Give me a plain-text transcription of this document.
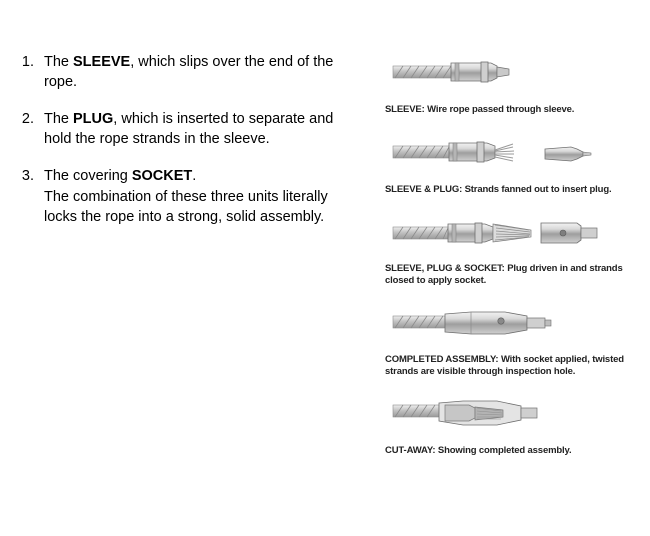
1. The SLEEVE, which slips over the end of the rope.
2. The PLUG, which is inserted to separate and hold the rope strands in the sleeve.
3. The covering SOCKET.
The combination of these three units literally locks the rope into a strong, solid assembly.
SLEEVE: Wire rope passed through sleeve.
SLEEVE & PLUG: Strands fanned out to insert plug.
SLEEVE, PLUG & SOCKET: Plug driven in and strands closed to apply socket.
COMPLETED ASSEMBLY: With socket applied, twisted strands are visible through inspection hole.
CUT-AWAY: Showing completed assembly.
